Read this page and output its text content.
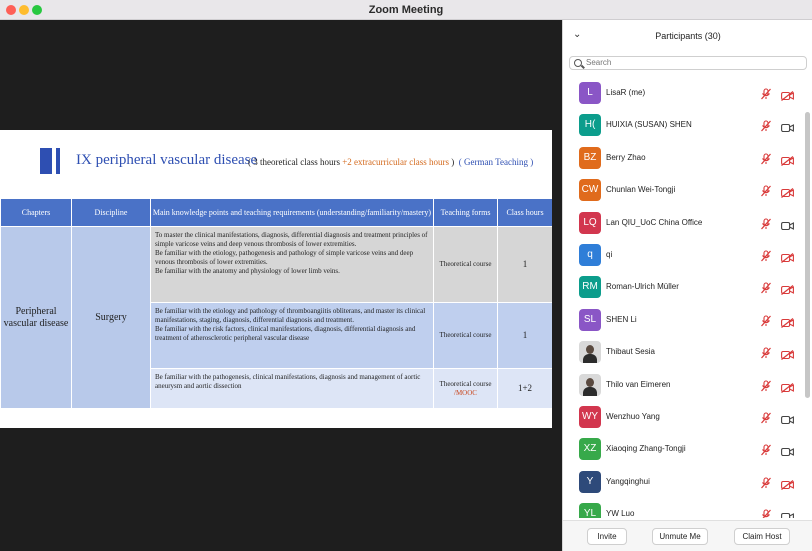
Zoom Meeting
IX peripheral vascular disease
( 3 theoretical class hours +2 extracurricular class hours ) ( German Teaching )
Chapters	Discipline	Main knowledge points and teaching requirements (understanding/familiarity/mastery)	Teaching forms	Class hours
Peripheral vascular disease	Surgery	To master the clinical manifestations, diagnosis, differential diagnosis and treatment principles of simple varicose veins and deep venous thrombosis of lower extremities.
Be familiar with the etiology, pathogenesis and pathology of simple varicose veins and deep venous thrombosis of lower extremities.
Be familiar with the anatomy and physiology of lower limb veins.	Theoretical course	1
		Be familiar with the etiology and pathology of thromboangiitis obliterans, and master its clinical manifestations, staging, diagnosis, differential diagnosis and treatment.
Be familiar with the risk factors, clinical manifestations, diagnosis, differential diagnosis and treatment of atherosclerotic peripheral vascular disease	Theoretical course	1
		Be familiar with the pathogenesis, clinical manifestations, diagnosis and management of aortic aneurysm and aortic dissection	Theoretical course
/MOOC	1+2
⌄	Participants (30)
Search
L	LisaR (me)
H(	HUIXIA (SUSAN) SHEN
BZ	Berry Zhao
CW Chunlan Wei-Tongji
LQ	Lan QIU_UoC China Office
q	qi
RM	Roman-Ulrich Müller
SL	SHEN Li
Thibaut Sesia
Thilo van Eimeren
WY Wenzhuo Yang
XZ	Xiaoqing Zhang-Tongji
Y	Yangqinghui
YL	YW Luo
Invite	Unmute Me	Claim Host
